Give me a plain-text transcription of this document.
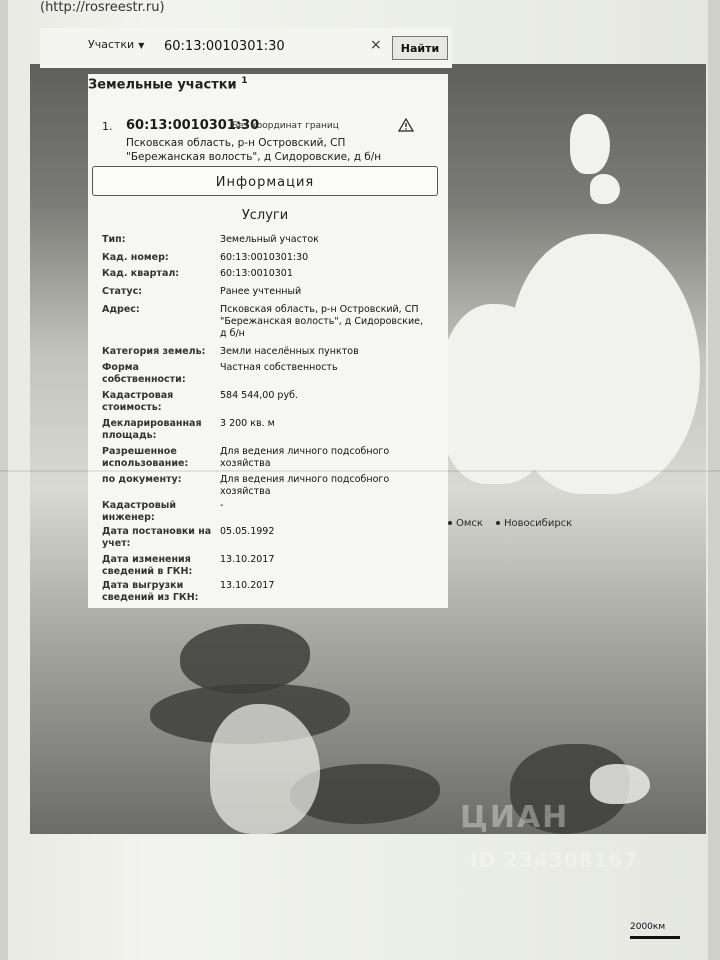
Омск	Новосибирск
ЦИАН
ID 234308167
2000км
(http://rosreestr.ru)
Участки ▼
60:13:0010301:30	×	Найти
Земельные участки $^1$
1. 60:13:0010301:30
Без координат границ
Псковская область, р-н Островский, СП "Бережанская волость", д Сидоровские, д б/н
Информация
Услуги
Тип:	Земельный участок
Кад. номер:	60:13:0010301:30
Кад. квартал:	60:13:0010301
Статус:	Ранее учтенный
Адрес:	Псковская область, р-н Островский, СП "Бережанская волость", д Сидоровские, д б/н
Категория земель:	Земли населённых пунктов
Форма собственности:
Частная собственность
Кадастровая стоимость:
584 544,00 руб.
Декларированная площадь:
3 200 кв. м
Разрешенное использование:
Для ведения личного подсобного хозяйства
по документу:	Для ведения личного подсобного хозяйства
Кадастровый инженер:
-
Дата постановки на учет:
05.05.1992
Дата изменения сведений в ГКН:
13.10.2017
Дата выгрузки сведений из ГКН:
13.10.2017
